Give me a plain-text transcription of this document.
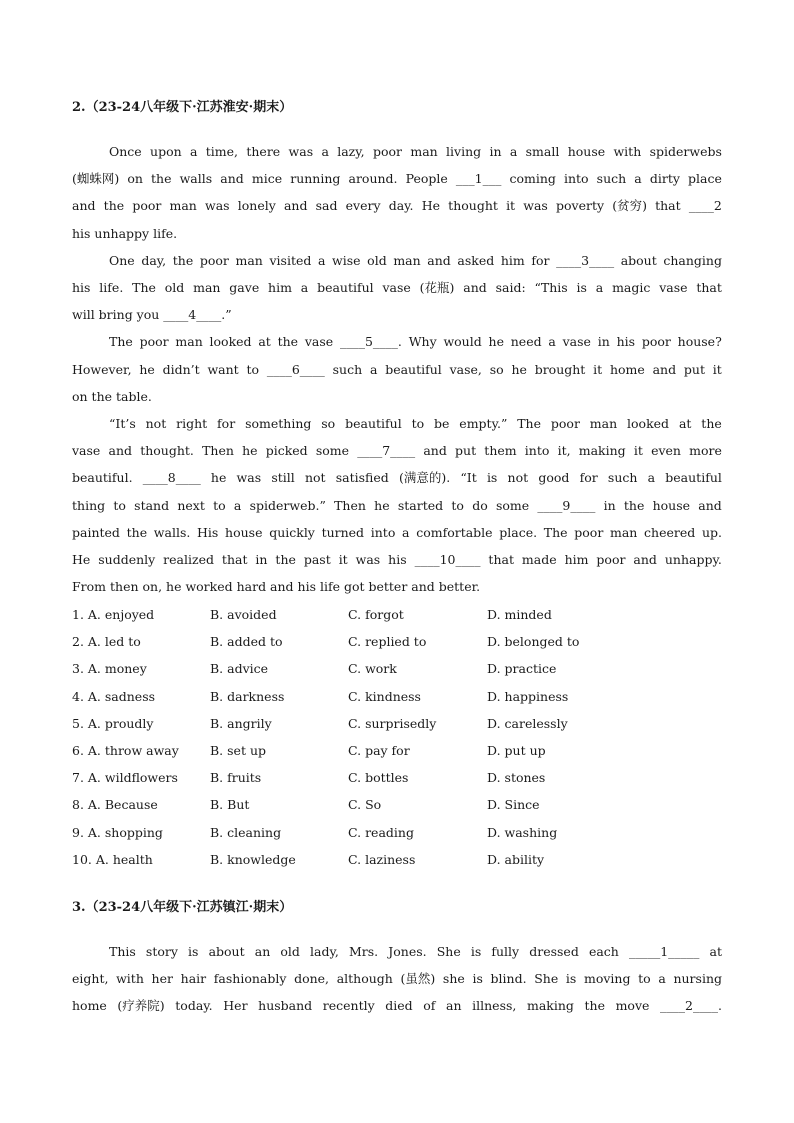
2.（23-24八年级下·江苏淮安·期末）
Once upon a time, there was a lazy, poor man living in a small house with spiderwebs
(蜘蛛网) on the walls and mice running around. People ___1___ coming into such a dirty place
and the poor man was lonely and sad every day. He thought it was poverty (贫穷) that ____2
his unhappy life.
One day, the poor man visited a wise old man and asked him for ____3____ about changing
his life. The old man gave him a beautiful vase (花瓶) and said: “This is a magic vase that
will bring you ____4____.”
The poor man looked at the vase ____5____. Why would he need a vase in his poor house?
However, he didn’t want to ____6____ such a beautiful vase, so he brought it home and put it
on the table.
“It’s not right for something so beautiful to be empty.” The poor man looked at the
vase and thought. Then he picked some ____7____ and put them into it, making it even more
beautiful. ____8____ he was still not satisfied (满意的). “It is not good for such a beautiful
thing to stand next to a spiderweb.” Then he started to do some ____9____ in the house and
painted the walls. His house quickly turned into a comfortable place. The poor man cheered up.
He suddenly realized that in the past it was his ____10____ that made him poor and unhappy.
From then on, he worked hard and his life got better and better.
1. A. enjoyed	B. avoided	C. forgot	D. minded
2. A. led to	B. added to	C. replied to	D. belonged to
3. A. money	B. advice	C. work	D. practice
4. A. sadness	B. darkness	C. kindness	D. happiness
5. A. proudly	B. angrily	C. surprisedly	D. carelessly
6. A. throw away B. set up	C. pay for	D. put up
7. A. wildflowers	B. fruits	C. bottles	D. stones
8. A. Because	B. But	C. So	D. Since
9. A. shopping	B. cleaning	C. reading	D. washing
10. A. health	B. knowledge	C. laziness	D. ability
3.（23-24八年级下·江苏镇江·期末）
This story is about an old lady, Mrs. Jones. She is fully dressed each _____1_____ at
eight, with her hair fashionably done, although (虽然) she is blind. She is moving to a nursing
home (疗养院) today. Her husband recently died of an illness, making the move ____2____.
